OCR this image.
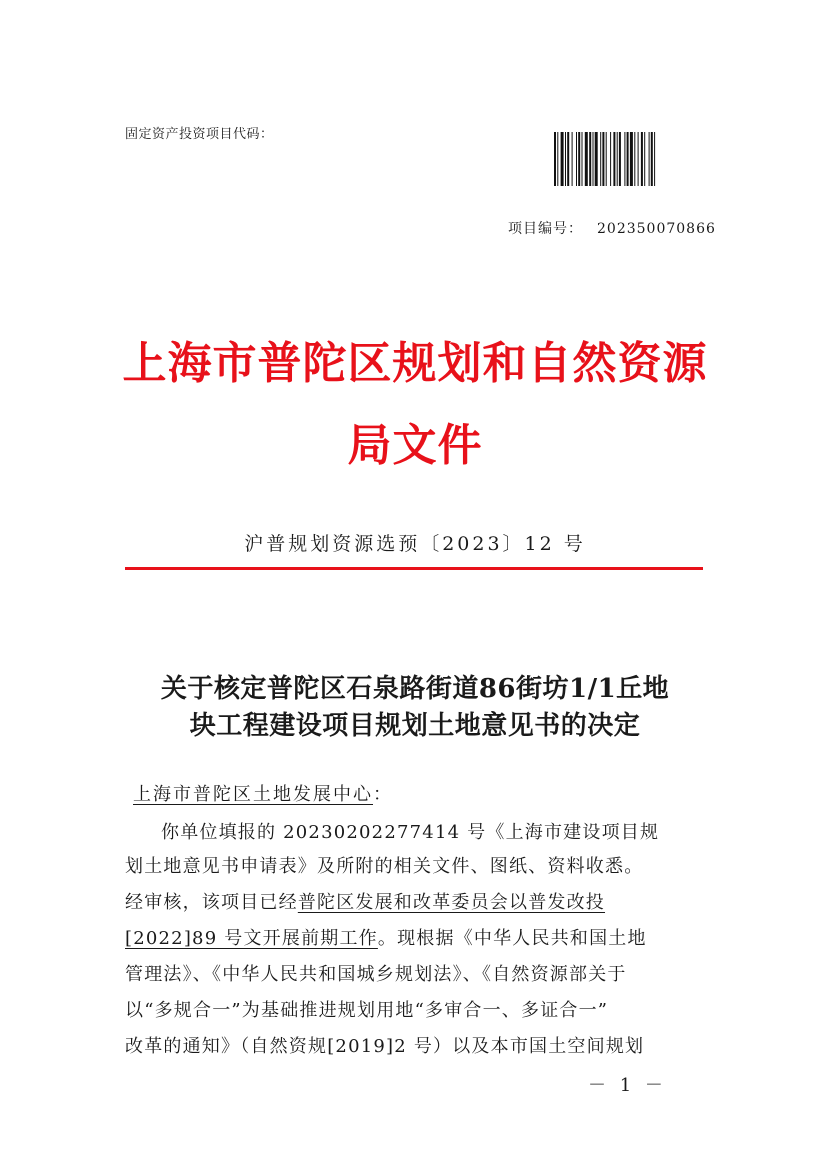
固定资产投资项目代码：
项目编号： 202350070866
上海市普陀区规划和自然资源
局文件
沪普规划资源选预〔2023〕12 号
关于核定普陀区石泉路街道86街坊1/1丘地
块工程建设项目规划土地意见书的决定
上海市普陀区土地发展中心：
你单位填报的 20230202277414 号《上海市建设项目规
划土地意见书申请表》及所附的相关文件、图纸、资料收悉。
经审核，该项目已经普陀区发展和改革委员会以普发改投
[2022]89 号文开展前期工作。现根据《中华人民共和国土地
管理法》、《中华人民共和国城乡规划法》、《自然资源部关于
以“多规合一”为基础推进规划用地“多审合一、多证合一”
改革的通知》（自然资规[2019]2 号）以及本市国土空间规划
－ 1 －
